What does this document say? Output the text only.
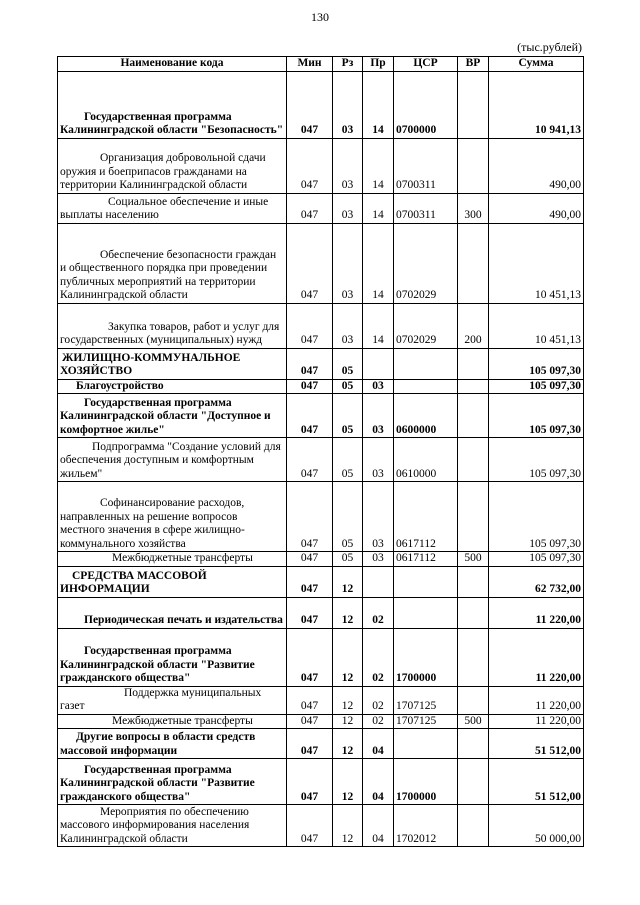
130
(тыс.рублей)
Наименование кода	Мин	Рз	Пр	ЦСР	ВР	Сумма
Государственная программа Калининградской области "Безопасность"	047	03	14	0700000		10 941,13
Организация добровольной сдачи оружия и боеприпасов гражданами на территории Калининградской области	047	03	14	0700311		490,00
Социальное обеспечение и иные выплаты населению	047	03	14	0700311	300	490,00
Обеспечение безопасности граждан и общественного порядка при проведении публичных мероприятий на территории Калининградской области	047	03	14	0702029		10 451,13
Закупка товаров, работ и услуг для государственных (муниципальных) нужд	047	03	14	0702029	200	10 451,13
ЖИЛИЩНО-КОММУНАЛЬНОЕ ХОЗЯЙСТВО	047	05				105 097,30
Благоустройство	047	05	03			105 097,30
Государственная программа Калининградской области "Доступное и комфортное жилье"	047	05	03	0600000		105 097,30
Подпрограмма "Создание условий для обеспечения доступным и комфортным жильем"	047	05	03	0610000		105 097,30
Софинансирование расходов, направленных на решение вопросов местного значения в сфере жилищно-коммунального хозяйства	047	05	03	0617112		105 097,30
Межбюджетные трансферты	047	05	03	0617112	500	105 097,30
СРЕДСТВА МАССОВОЙ ИНФОРМАЦИИ	047	12				62 732,00
Периодическая печать и издательства	047	12	02			11 220,00
Государственная программа Калининградской области "Развитие гражданского общества"	047	12	02	1700000		11 220,00
Поддержка муниципальных газет	047	12	02	1707125		11 220,00
Межбюджетные трансферты	047	12	02	1707125	500	11 220,00
Другие вопросы в области средств массовой информации	047	12	04			51 512,00
Государственная программа Калининградской области "Развитие гражданского общества"	047	12	04	1700000		51 512,00
Мероприятия по обеспечению массового информирования населения Калининградской области	047	12	04	1702012		50 000,00
